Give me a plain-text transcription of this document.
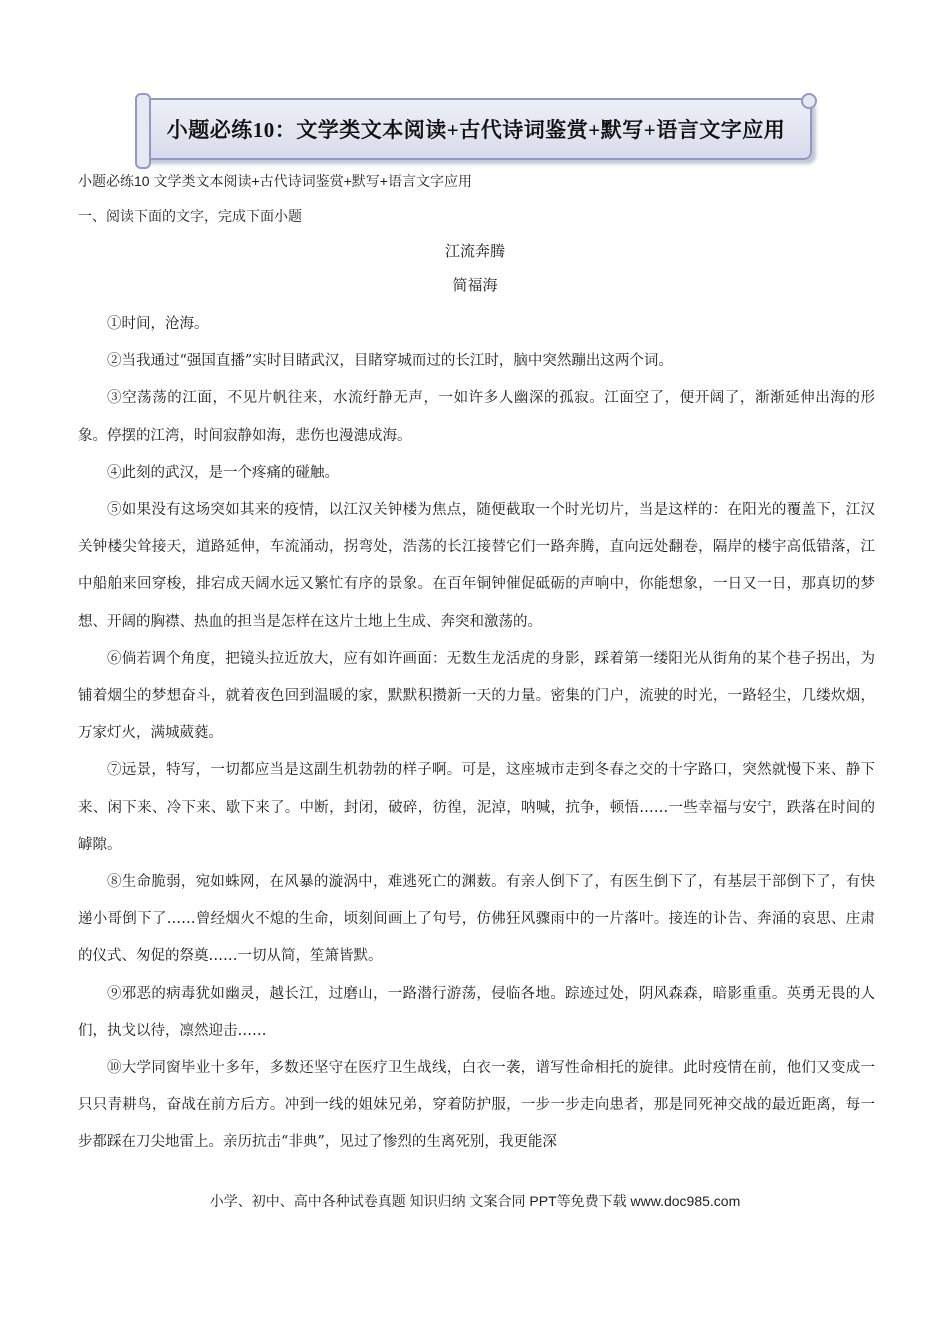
小题必练10：文学类文本阅读+古代诗词鉴赏+默写+语言文字应用
小题必练10 文学类文本阅读+古代诗词鉴赏+默写+语言文字应用
一、阅读下面的文字，完成下面小题
江流奔腾
简福海

①时间，沧海。

②当我通过“强国直播”实时目睹武汉，目睹穿城而过的长江时，脑中突然蹦出这两个词。

③空荡荡的江面，不见片帆往来，水流纡静无声，一如许多人幽深的孤寂。江面空了，便开阔了，渐渐延伸出海的形象。停摆的江湾，时间寂静如海，悲伤也漫漶成海。

④此刻的武汉，是一个疼痛的碰触。

⑤如果没有这场突如其来的疫情，以江汉关钟楼为焦点，随便截取一个时光切片，当是这样的：在阳光的覆盖下，江汉关钟楼尖耸接天，道路延伸，车流涌动，拐弯处，浩荡的长江接替它们一路奔腾，直向远处翻卷，隔岸的楼宇高低错落，江中船舶来回穿梭，排宕成天阔水远又繁忙有序的景象。在百年铜钟催促砥砺的声响中，你能想象，一日又一日，那真切的梦想、开阔的胸襟、热血的担当是怎样在这片土地上生成、奔突和激荡的。

⑥倘若调个角度，把镜头拉近放大，应有如许画面：无数生龙活虎的身影，踩着第一缕阳光从街角的某个巷子拐出，为铺着烟尘的梦想奋斗，就着夜色回到温暖的家，默默积攒新一天的力量。密集的门户，流驶的时光，一路轻尘，几缕炊烟，万家灯火，满城葳蕤。

⑦远景，特写，一切都应当是这副生机勃勃的样子啊。可是，这座城市走到冬春之交的十字路口，突然就慢下来、静下来、闲下来、冷下来、歇下来了。中断，封闭，破碎，彷徨，泥淖，呐喊，抗争，顿悟……一些幸福与安宁，跌落在时间的罅隙。

⑧生命脆弱，宛如蛛网，在风暴的漩涡中，难逃死亡的渊薮。有亲人倒下了，有医生倒下了，有基层干部倒下了，有快递小哥倒下了……曾经烟火不熄的生命，顷刻间画上了句号，仿佛狂风骤雨中的一片落叶。接连的讣告、奔涌的哀思、庄肃的仪式、匆促的祭奠……一切从简，笙箫皆默。

⑨邪恶的病毒犹如幽灵，越长江，过磨山，一路潜行游荡，侵临各地。踪迹过处，阴风森森，暗影重重。英勇无畏的人们，执戈以待，凛然迎击……

⑩大学同窗毕业十多年，多数还坚守在医疗卫生战线，白衣一袭，谱写性命相托的旋律。此时疫情在前，他们又变成一只只青耕鸟，奋战在前方后方。冲到一线的姐妹兄弟，穿着防护服，一步一步走向患者，那是同死神交战的最近距离，每一步都踩在刀尖地雷上。亲历抗击“非典”，见过了惨烈的生离死别，我更能深

小学、初中、高中各种试卷真题 知识归纳 文案合同 PPT等免费下载 www.doc985.com
